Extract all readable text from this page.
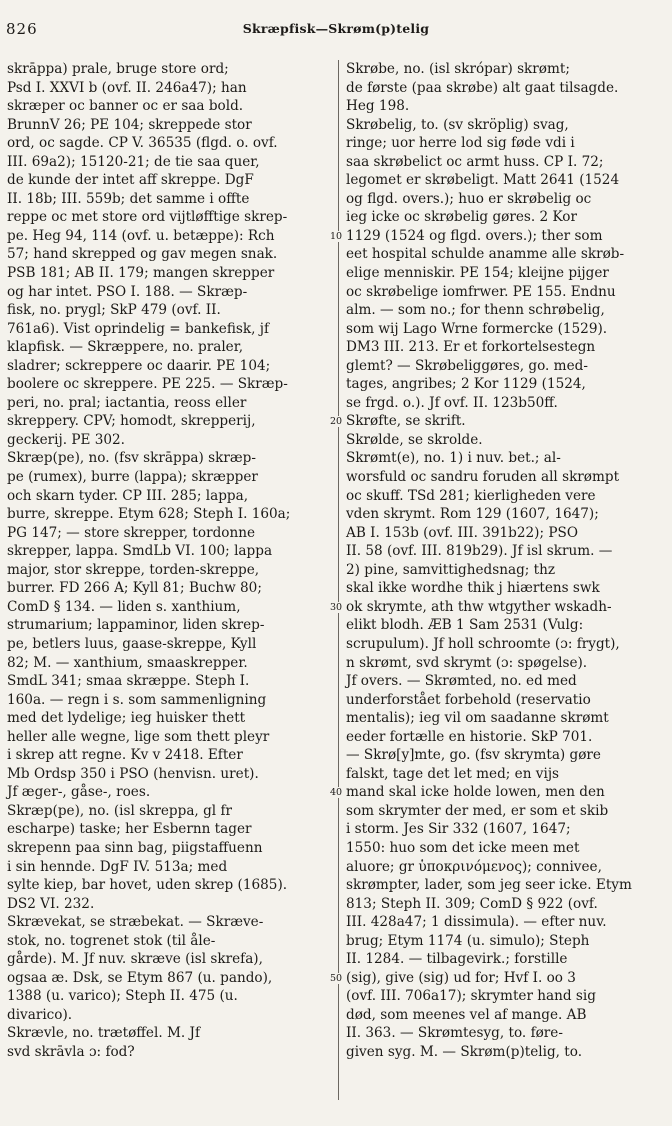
826	Skræpfisk—Skrøm(p)telig
skrāppa) prale, bruge store ord;
Psd I. XXVI b (ovf. II. 246a47); han
skræper oc banner oc er saa bold.
BrunnV 26; PE 104; skreppede stor
ord, oc sagde. CP V. 36535 (flgd. o. ovf.
III. 69a2); 15120-21; de tie saa quer,
de kunde der intet aff skreppe. DgF
II. 18b; III. 559b; det samme i offte
reppe oc met store ord vijtløfftige skrep-
pe. Heg 94, 114 (ovf. u. betæppe): Rch
57; hand skrepped og gav megen snak.
PSB 181; AB II. 179; mangen skrepper
og har intet. PSO I. 188. — Skræp-
fisk, no. prygl; SkP 479 (ovf. II.
761a6). Vist oprindelig = bankefisk, jf
klapfisk. — Skræppere, no. praler,
sladrer; sckreppere oc daarir. PE 104;
boolere oc skreppere. PE 225. — Skræp-
peri, no. pral; iactantia, reoss eller
skreppery. CPV; homodt, skrepperij,
geckerij. PE 302.
Skræp(pe), no. (fsv skrāppa) skræp-
pe (rumex), burre (lappa); skræpper
och skarn tyder. CP III. 285; lappa,
burre, skreppe. Etym 628; Steph I. 160a;
PG 147; — store skrepper, tordonne
skrepper, lappa. SmdLb VI. 100; lappa
major, stor skreppe, torden-skreppe,
burrer. FD 266 A; Kyll 81; Buchw 80;
ComD § 134. — liden s. xanthium,
strumarium; lappaminor, liden skrep-
pe, betlers luus, gaase-skreppe, Kyll
82; M. — xanthium, smaaskrepper.
SmdL 341; smaa skræppe. Steph I.
160a. — regn i s. som sammenligning
med det lydelige; ieg huisker thett
heller alle wegne, lige som thett pleyr
i skrep att regne. Kv v 2418. Efter
Mb Ordsp 350 i PSO (henvisn. uret).
Jf æger-, gåse-, roes.
Skræp(pe), no. (isl skreppa, gl fr
escharpe) taske; her Esbernn tager
skrepenn paa sinn bag, piigstaffuenn
i sin hennde. DgF IV. 513a; med
sylte kiep, bar hovet, uden skrep (1685).
DS2 VI. 232.
Skrævekat, se stræbekat. — Skræve-
stok, no. togrenet stok (til åle-
gårde). M. Jf nuv. skræve (isl skrefa),
ogsaa æ. Dsk, se Etym 867 (u. pando),
1388 (u. varico); Steph II. 475 (u.
divarico).
Skrævle, no. trætøffel. M. Jf
svd skrāvla ɔ: fod?
10
20
30
40
50
Skrøbe, no. (isl skrópar) skrømt;
de første (paa skrøbe) alt gaat tilsagde.
Heg 198.
Skrøbelig, to. (sv skröplig) svag,
ringe; uor herre lod sig føde vdi i
saa skrøbelict oc armt huss. CP I. 72;
legomet er skrøbeligt. Matt 2641 (1524
og flgd. overs.); huo er skrøbelig oc
ieg icke oc skrøbelig gøres. 2 Kor
1129 (1524 og flgd. overs.); ther som
eet hospital schulde anamme alle skrøb-
elige menniskir. PE 154; kleijne pijger
oc skrøbelige iomfrwer. PE 155. Endnu
alm. — som no.; for thenn schrøbelig,
som wij Lago Wrne formercke (1529).
DM3 III. 213. Er et forkortelsestegn
glemt? — Skrøbeliggøres, go. med-
tages, angribes; 2 Kor 1129 (1524,
se frgd. o.). Jf ovf. II. 123b50ff.
Skrøfte, se skrift.
Skrølde, se skrolde.
Skrømt(e), no. 1) i nuv. bet.; al-
worsfuld oc sandru foruden all skrømpt
oc skuff. TSd 281; kierligheden vere
vden skrymt. Rom 129 (1607, 1647);
AB I. 153b (ovf. III. 391b22); PSO
II. 58 (ovf. III. 819b29). Jf isl skrum. —
2) pine, samvittighedsnag; thz
skal ikke wordhe thik j hiærtens swk
ok skrymte, ath thw wtgyther wskadh-
elikt blodh. ÆB 1 Sam 2531 (Vulg:
scrupulum). Jf holl schroomte (ɔ: frygt),
n skrømt, svd skrymt (ɔ: spøgelse).
Jf overs. — Skrømted, no. ed med
underforstået forbehold (reservatio
mentalis); ieg vil om saadanne skrømt
eeder fortælle en historie. SkP 701.
— Skrø[y]mte, go. (fsv skrymta) gøre
falskt, tage det let med; en vijs
mand skal icke holde lowen, men den
som skrymter der med, er som et skib
i storm. Jes Sir 332 (1607, 1647;
1550: huo som det icke meen met
aluore; gr ὑποκρινόμενος); connivee,
skrømpter, lader, som jeg seer icke. Etym
813; Steph II. 309; ComD § 922 (ovf.
III. 428a47; 1 dissimula). — efter nuv.
brug; Etym 1174 (u. simulo); Steph
II. 1284. — tilbagevirk.; forstille
(sig), give (sig) ud for; Hvf I. oo 3
(ovf. III. 706a17); skrymter hand sig
død, som meenes vel af mange. AB
II. 363. — Skrømtesyg, to. føre-
given syg. M. — Skrøm(p)telig, to.
